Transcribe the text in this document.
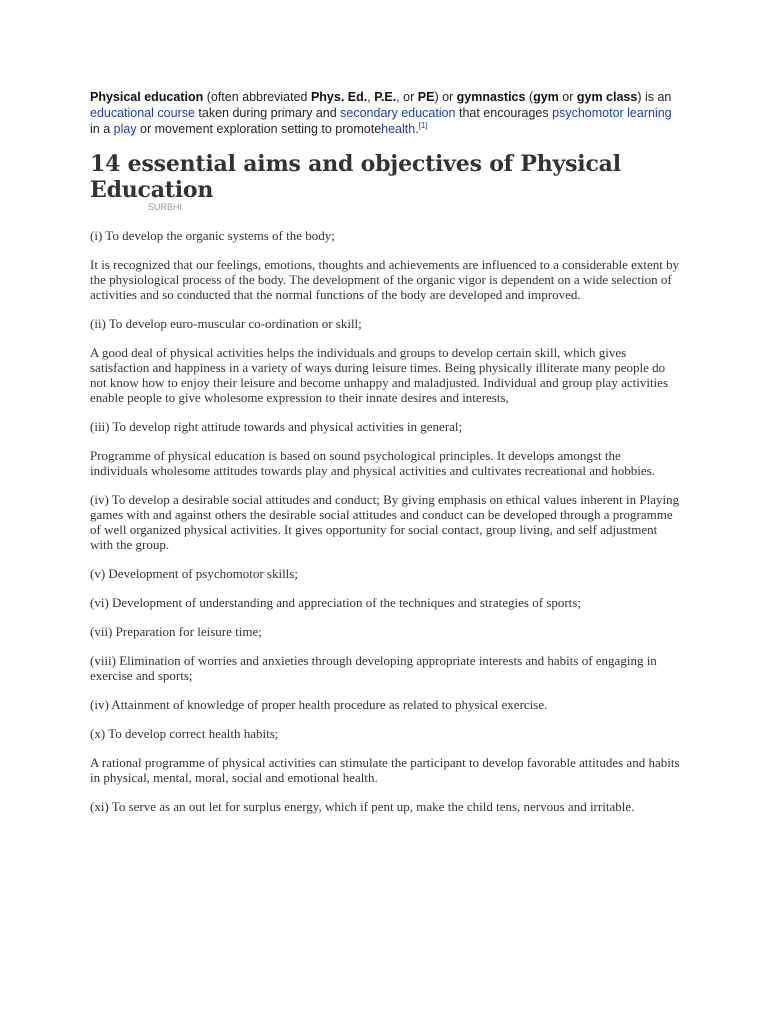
Physical education (often abbreviated Phys. Ed., P.E., or PE) or gymnastics (gym or gym class) is an educational course taken during primary and secondary education that encourages psychomotor learning in a play or movement exploration setting to promotehealth.[1]

14 essential aims and objectives of Physical Education
SURBHI

(i) To develop the organic systems of the body;

It is recognized that our feelings, emotions, thoughts and achievements are influenced to a considerable extent by the physiological process of the body. The development of the organic vigor is dependent on a wide selection of activities and so conducted that the normal functions of the body are developed and improved.

(ii) To develop euro-muscular co-ordination or skill;

A good deal of physical activities helps the individuals and groups to develop certain skill, which gives satisfaction and happiness in a variety of ways during leisure times. Being physically illiterate many people do not know how to enjoy their leisure and become unhappy and maladjusted. Individual and group play activities enable people to give wholesome expression to their innate desires and interests,

(iii) To develop right attitude towards and physical activities in general;

Programme of physical education is based on sound psychological principles. It develops amongst the individuals wholesome attitudes towards play and physical activities and cultivates recreational and hobbies.

(iv) To develop a desirable social attitudes and conduct; By giving emphasis on ethical values inherent in Playing games with and against others the desirable social attitudes and conduct can be developed through a programme of well organized physical activities. It gives opportunity for social contact, group living, and self adjustment with the group.

(v) Development of psychomotor skills;

(vi) Development of understanding and appreciation of the techniques and strategies of sports;

(vii) Preparation for leisure time;

(viii) Elimination of worries and anxieties through developing appropriate interests and habits of engaging in exercise and sports;

(iv) Attainment of knowledge of proper health procedure as related to physical exercise.

(x) To develop correct health habits;

A rational programme of physical activities can stimulate the participant to develop favorable attitudes and habits in physical, mental, moral, social and emotional health.

(xi) To serve as an out let for surplus energy, which if pent up, make the child tens, nervous and irritable.
